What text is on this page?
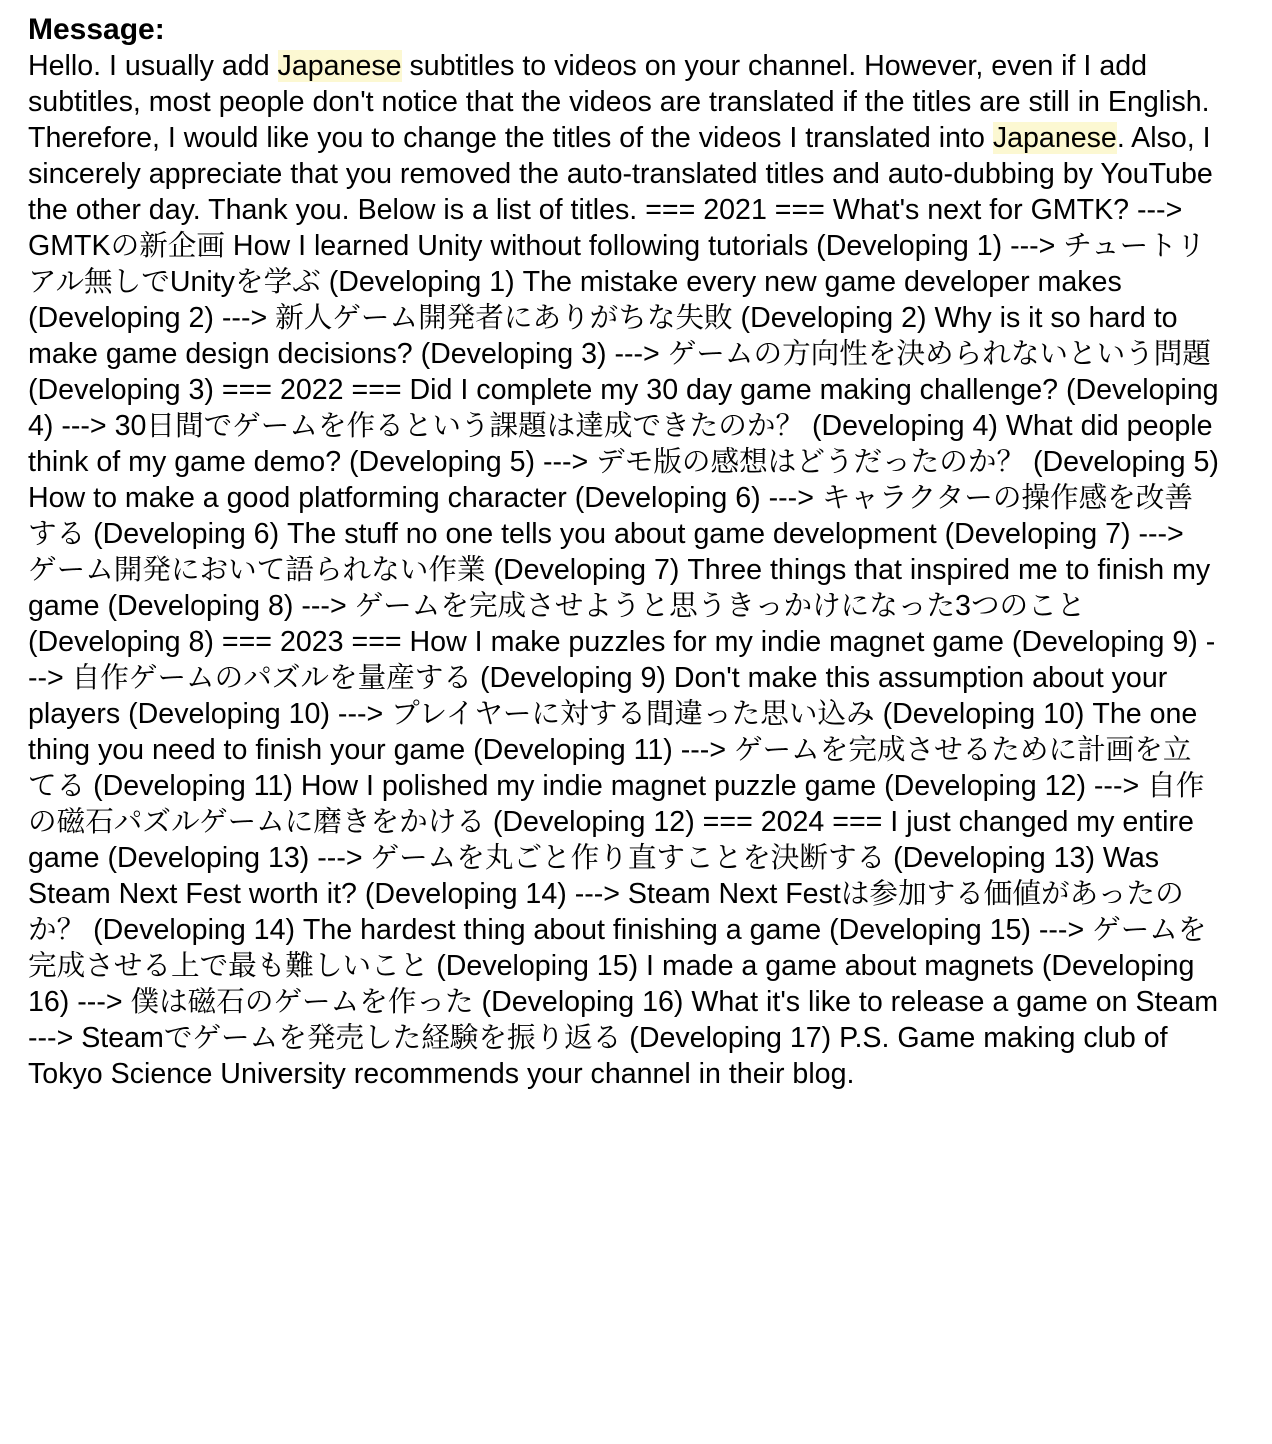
Message:

Hello. I usually add Japanese subtitles to videos on your channel. However, even if I add subtitles, most people don't notice that the videos are translated if the titles are still in English. Therefore, I would like you to change the titles of the videos I translated into Japanese. Also, I sincerely appreciate that you removed the auto-translated titles and auto-dubbing by YouTube the other day. Thank you. Below is a list of titles. === 2021 === What's next for GMTK? ---> GMTKの新企画 How I learned Unity without following tutorials (Developing 1) ---> チュートリアル無しでUnityを学ぶ (Developing 1) The mistake every new game developer makes (Developing 2) ---> 新人ゲーム開発者にありがちな失敗 (Developing 2) Why is it so hard to make game design decisions? (Developing 3) ---> ゲームの方向性を決められないという問題 (Developing 3) === 2022 === Did I complete my 30 day game making challenge? (Developing 4) ---> 30日間でゲームを作るという課題は達成できたのか？ (Developing 4) What did people think of my game demo? (Developing 5) ---> デモ版の感想はどうだったのか？ (Developing 5) How to make a good platforming character (Developing 6) ---> キャラクターの操作感を改善する (Developing 6) The stuff no one tells you about game development (Developing 7) ---> ゲーム開発において語られない作業 (Developing 7) Three things that inspired me to finish my game (Developing 8) ---> ゲームを完成させようと思うきっかけになった3つのこと (Developing 8) === 2023 === How I make puzzles for my indie magnet game (Developing 9) ---> 自作ゲームのパズルを量産する (Developing 9) Don't make this assumption about your players (Developing 10) ---> プレイヤーに対する間違った思い込み (Developing 10) The one thing you need to finish your game (Developing 11) ---> ゲームを完成させるために計画を立てる (Developing 11) How I polished my indie magnet puzzle game (Developing 12) ---> 自作の磁石パズルゲームに磨きをかける (Developing 12) === 2024 === I just changed my entire game (Developing 13) ---> ゲームを丸ごと作り直すことを決断する (Developing 13) Was Steam Next Fest worth it? (Developing 14) ---> Steam Next Festは参加する価値があったのか？ (Developing 14) The hardest thing about finishing a game (Developing 15) ---> ゲームを完成させる上で最も難しいこと (Developing 15) I made a game about magnets (Developing 16) ---> 僕は磁石のゲームを作った (Developing 16) What it's like to release a game on Steam ---> Steamでゲームを発売した経験を振り返る (Developing 17) P.S. Game making club of Tokyo Science University recommends your channel in their blog.
